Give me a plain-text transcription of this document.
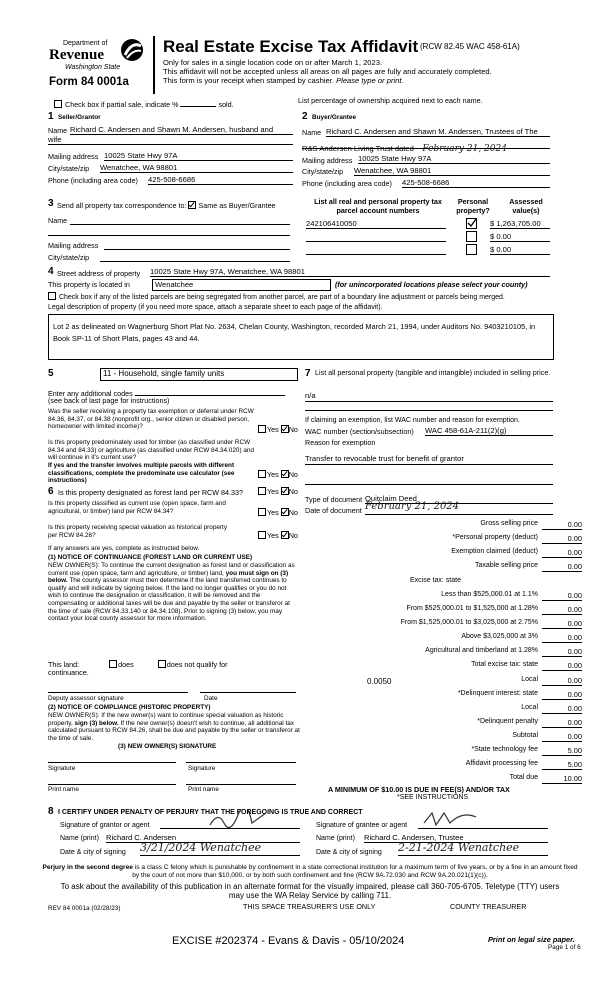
Department of
Revenue
Washington State
Form 84 0001a
Real Estate Excise Tax Affidavit (RCW 82.45 WAC 458-61A)
Only for sales in a single location code on or after March 1, 2023.
This affidavit will not be accepted unless all areas on all pages are fully and accurately completed.
This form is your receipt when stamped by cashier. Please type or print.
Check box if partial sale, indicate %	sold.	List percentage of ownership acquired next to each name.
1 Seller/Grantor
Name Richard C. Andersen and Shawn M. Andersen, husband and
wife
Mailing address 10025 State Hwy 97A
City/state/zip Wenatchee, WA 98801
Phone (including area code) 425-508-6686
2 Buyer/Grantee
Name Richard C. Andersen and Shawn M. Andersen, Trustees of The
R&S Andersen Living Trust dated February 21, 2024
Mailing address 10025 State Hwy 97A
City/state/zip Wenatchee, WA 98801
Phone (including area code) 425-508-6686
3 Send all property tax correspondence to: Same as Buyer/Grantee
Name
Mailing address
City/state/zip
List all real and personal property tax
parcel account numbers
Personal
property?
Assessed
value(s)
242106410050	$ 1,263,705.00
$ 0.00
$ 0.00
4 Street address of property 10025 State Hwy 97A, Wenatchee, WA 98801
This property is located in	Wenatchee	(for unincorporated locations please select your county)
Check box if any of the listed parcels are being segregated from another parcel, are part of a boundary line adjustment or parcels being merged.
Legal description of property (if you need more space, attach a separate sheet to each page of the affidavit).
Lot 2 as delineated on Wagnerburg Short Plat No. 2634, Chelan County, Washington, recorded March 21, 1994, under Auditors No. 9403210105, in Book SP-11 of Short Plats, pages 43 and 44.
5	11 - Household, single family units
Enter any additional codes
(see back of last page for instructions)
Was the seller receiving a property tax exemption or deferral under RCW 84.36, 84.37, or 84.38 (nonprofit org., senior citizen or disabled person, homeowner with limited income)?	Yes No
Is this property predominately used for timber (as classified under RCW 84.34 and 84.33) or agriculture (as classified under RCW 84.34.020) and will continue in it's current use?
If yes and the transfer involves multiple parcels with different classifications, complete the predominate use calculator (see instructions)
Yes No
6 Is this property designated as forest land per RCW 84.33?	Yes No
Is this property classified as current use (open space, farm and agricultural, or timber) land per RCW 84.34?	Yes No
Is this property receiving special valuation as historical property per RCW 84.26?	Yes No
If any answers are yes, complete as instructed below.
(1) NOTICE OF CONTINUANCE (FOREST LAND OR CURRENT USE)
NEW OWNER(S): To continue the current designation as forest land or classification as current use (open space, farm and agriculture, or timber) land, you must sign on (3) below. The county assessor must then determine if the land transferred continues to qualify and will indicate by signing below. If the land no longer qualifies or you do not wish to continue the designation or classification, it will be removed and the compensating or additional taxes will be due and payable by the seller or transferor at the time of sale (RCW 84.33.140 or 84.34.108). Prior to signing (3) below, you may contact your local county assessor for more information.
This land:	does	does not qualify for
continuance.
Deputy assessor signature	Date
(2) NOTICE OF COMPLIANCE (HISTORIC PROPERTY)
NEW OWNER(S): If the new owner(s) want to continue special valuation as historic property, sign (3) below. If the new owner(s) doesn't wish to continue, all additional tax calculated pursuant to RCW 84.26, shall be due and payable by the seller or transferor at the time of sale.
(3) NEW OWNER(S) SIGNATURE
Signature	Signature
Print name	Print name
7 List all personal property (tangible and intangible) included in selling price.
n/a
If claiming an exemption, list WAC number and reason for exemption.
WAC number (section/subsection) WAC 458-61A-211(2)(g)
Reason for exemption
Transfer to revocable trust for benefit of grantor
Type of document Quitclaim Deed
Date of document February 21, 2024
Gross selling price	0.00
*Personal property (deduct)	0.00
Exemption claimed (deduct)	0.00
Taxable selling price	0.00
Excise tax: state
Less than $525,000.01 at 1.1%	0.00
From $525,000.01 to $1,525,000 at 1.28%	0.00
From $1,525,000.01 to $3,025,000 at 2.75%	0.00
Above $3,025,000 at 3%	0.00
Agricultural and timberland at 1.28%	0.00
Total excise tax: state	0.00
0.0050	Local	0.00
*Delinquent interest: state	0.00
Local	0.00
*Delinquent penalty	0.00
Subtotal	0.00
*State technology fee	5.00
Affidavit processing fee	5.00
Total due	10.00
A MINIMUM OF $10.00 IS DUE IN FEE(S) AND/OR TAX
*SEE INSTRUCTIONS
8 I CERTIFY UNDER PENALTY OF PERJURY THAT THE FOREGOING IS TRUE AND CORRECT
Signature of grantor or agent
Name (print) Richard C. Andersen
Date & city of signing 3/21/2024 Wenatchee
Signature of grantee or agent
Name (print) Richard C. Andersen, Trustee
Date & city of signing 2-21-2024 Wenatchee
Perjury in the second degree is a class C felony which is punishable by confinement in a state correctional institution for a maximum term of five years, or by a fine in an amount fixed by the court of not more than $10,000, or by both such confinement and fine (RCW 9A.72.030 and RCW 9A.20.021(1)(c)).
To ask about the availability of this publication in an alternate format for the visually impaired, please call 360-705-6705. Teletype (TTY) users may use the WA Relay Service by calling 711.
REV 84 0001a (02/28/23)	THIS SPACE TREASURER'S USE ONLY	COUNTY TREASURER
EXCISE #202374 - Evans & Davis - 05/10/2024	Print on legal size paper.
Page 1 of 6
